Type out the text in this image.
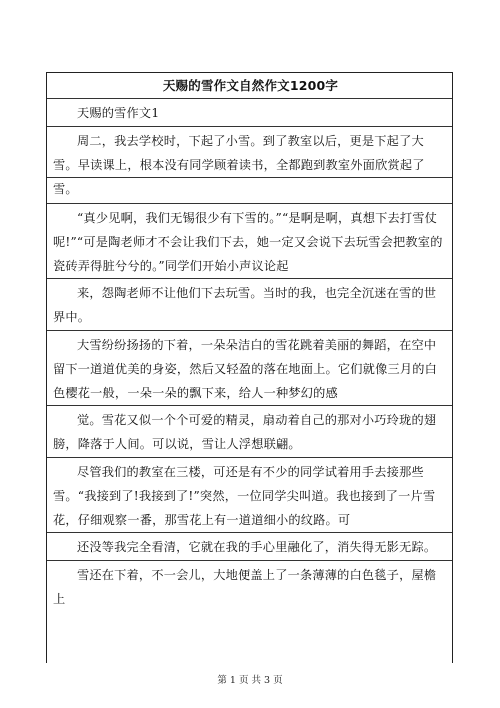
天赐的雪作文自然作文1200字
天赐的雪作文1
周二，我去学校时，下起了小雪。到了教室以后，更是下起了大雪。早读课上，根本没有同学顾着读书，全都跑到教室外面欣赏起了雪。
“真少见啊，我们无锡很少有下雪的。”“是啊是啊，真想下去打雪仗呢!”“可是陶老师才不会让我们下去，她一定又会说下去玩雪会把教室的瓷砖弄得脏兮兮的。”同学们开始小声议论起
来，怨陶老师不让他们下去玩雪。当时的我，也完全沉迷在雪的世界中。
大雪纷纷扬扬的下着，一朵朵洁白的雪花跳着美丽的舞蹈，在空中留下一道道优美的身姿，然后又轻盈的落在地面上。它们就像三月的白色樱花一般，一朵一朵的飘下来，给人一种梦幻的感
觉。雪花又似一个个可爱的精灵，扇动着自己的那对小巧玲珑的翅膀，降落于人间。可以说，雪让人浮想联翩。
尽管我们的教室在三楼，可还是有不少的同学试着用手去接那些雪。“我接到了!我接到了!”突然，一位同学尖叫道。我也接到了一片雪花，仔细观察一番，那雪花上有一道道细小的纹路。可
还没等我完全看清，它就在我的手心里融化了，消失得无影无踪。
雪还在下着，不一会儿，大地便盖上了一条薄薄的白色毯子，屋檐上
第 1 页 共 3 页
